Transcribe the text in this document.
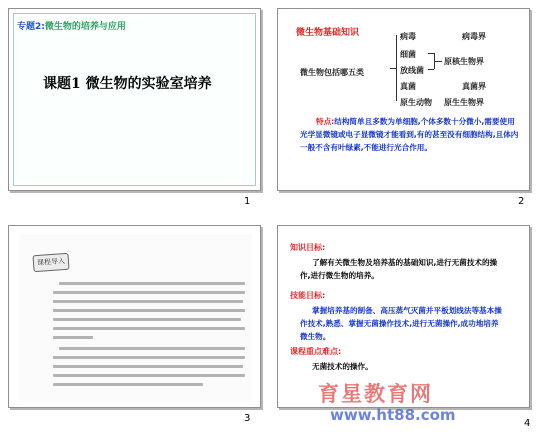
专题2:微生物的培养与应用
课题1 微生物的实验室培养
1
微生物基础知识
微生物包括哪五类
病毒
细菌
放线菌
真菌
原生动物
病毒界
原核生物界
真菌界
原生生物界
特点:结构简单且多数为单细胞,个体多数十分微小,需要使用光学显微镜或电子显微镜才能看到,有的甚至没有细胞结构,且体内一般不含有叶绿素,不能进行光合作用。
2
课程导入
3
知识目标:
了解有关微生物及培养基的基础知识,进行无菌技术的操作,进行微生物的培养。
技能目标:
掌握培养基的制备、高压蒸气灭菌并平板划线法等基本操作技术,熟悉、掌握无菌操作技术,进行无菌操作,成功地培养微生物。
课程重点难点:
无菌技术的操作。
4
育星教育网
www.ht88.com
